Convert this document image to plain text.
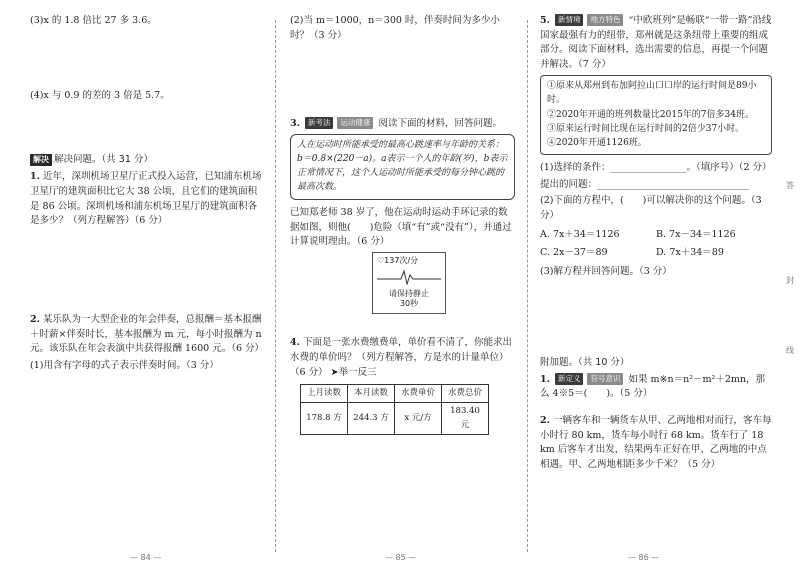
(3)x 的 1.8 倍比 27 多 3.6。
(4)x 与 0.9 的差的 3 倍是 5.7。
解决 解决问题。（共 31 分）
1. 近年，深圳机场卫星厅正式投入运营，已知浦东机场卫星厅的建筑面积比它大 38 公顷，且它们的建筑面积是 86 公顷。深圳机场和浦东机场卫星厅的建筑面积各是多少？（列方程解答）（6 分）
2. 某乐队为一大型企业的年会伴奏，总报酬＝基本报酬＋时薪×伴奏时长，基本报酬为 m 元，每小时报酬为 n 元。该乐队在年会表演中共获得报酬 1600 元。（6 分）
(1)用含有字母的式子表示伴奏时间。（3 分）
— 84 —
(2)当 m＝1000，n＝300 时，伴奏时间为多少小时？（3 分）
3. 新考法 运动健康 阅读下面的材料，回答问题。
人在运动时所能承受的最高心跳速率与年龄的关系：b＝0.8×(220－a)。a表示一个人的年龄(岁)，b表示正常情况下，这个人运动时所能承受的每分钟心跳的最高次数。
已知郑老师 38 岁了，他在运动时运动手环记录的数据如图，则他(　　)危险（填“有”或“没有”），并通过计算说明理由。（6 分）
♡137次/分
请保持静止
30秒
4. 下面是一张水费缴费单，单价看不清了，你能求出水费的单价吗？（列方程解答，方是水的计量单位）（6 分） ➤举一反三
上月读数	本月读数	水费单价	水费总价
178.8 方	244.3 方	x 元/方	183.40 元
— 85 —
5. 新情境 地方特色 “中欧班列”是畅联“一带一路”沿线国家最强有力的纽带，郑州就是这条纽带上重要的组成部分。阅读下面材料，选出需要的信息，再提一个问题并解决。（7 分）
①原来从郑州到布加阿拉山口口岸的运行时间是89小时。
②2020年开通的班列数量比2015年的7倍多34班。
③原来运行时间比现在运行时间的2倍少37小时。
④2020年开通1126班。
(1)选择的条件：________________。（填序号）（2 分）
提出的问题：________________________________
(2)下面的方程中，(　　)可以解决你的这个问题。（3 分）
A. 7x＋34＝1126	B. 7x－34＝1126
C. 2x－37＝89	D. 7x＋34＝89
(3)解方程并回答问题。（3 分）
附加题。（共 10 分）
1. 新定义 符号意识 如果 m※n＝n²－m²＋2mn，那么 4※5＝(　　)。（5 分）
2. 一辆客车和一辆货车从甲、乙两地相对而行，客车每小时行 80 km，货车每小时行 68 km。货车行了 18 km 后客车才出发，结果两车正好在甲、乙两地的中点相遇。甲、乙两地相距多少千米？（5 分）
— 86 —
答
封
线
